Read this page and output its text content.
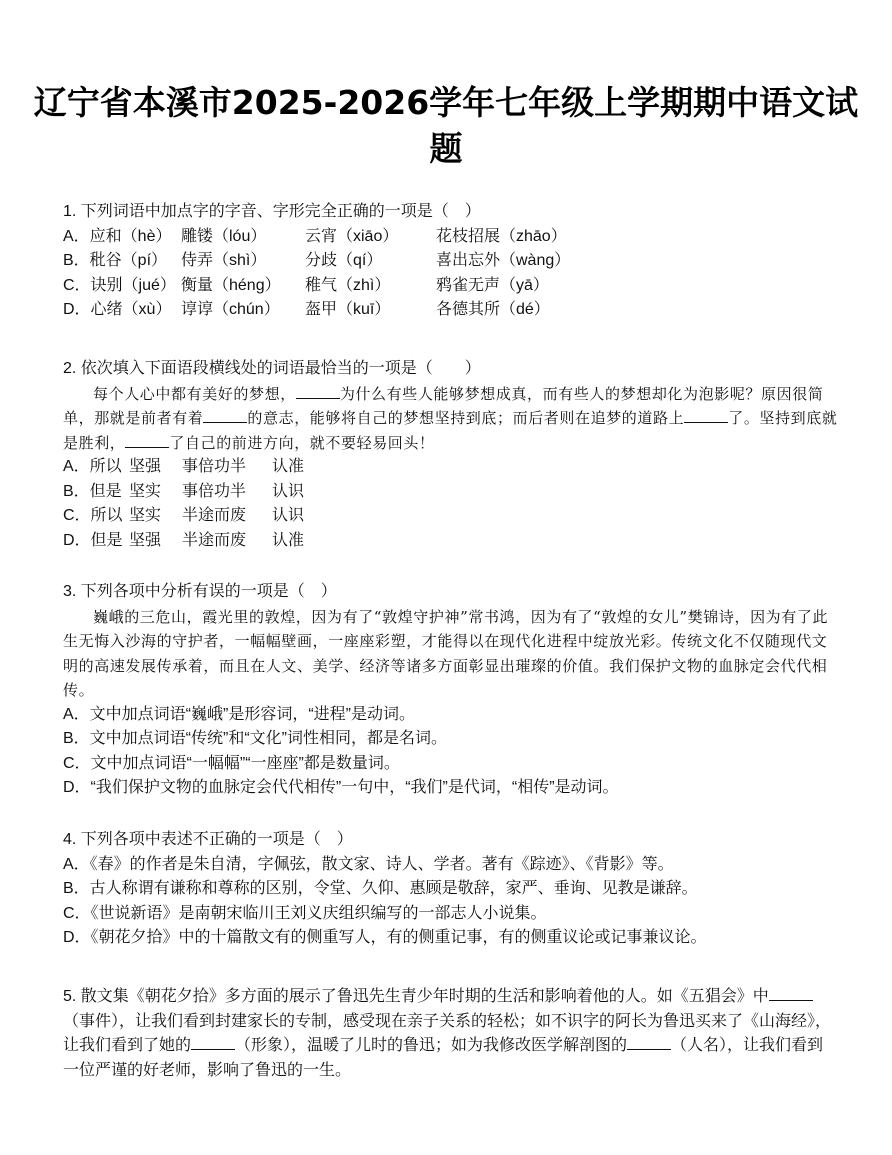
辽宁省本溪市2025-2026学年七年级上学期期中语文试题
1. 下列词语中加点字的字音、字形完全正确的一项是（　）
A．应和（hè） 雕镂（lóu） 云宵（xiāo） 花枝招展（zhāo）
B．秕谷（pí） 侍弄（shì） 分歧（qí）	喜出忘外（wàng）
C．诀别（jué） 衡量（héng） 稚气（zhì）	鸦雀无声（yā）
D．心绪（xù） 谆谆（chún） 盔甲（kuī）	各德其所（dé）
2. 依次填入下面语段横线处的词语最恰当的一项是（　　）
每个人心中都有美好的梦想，	为什么有些人能够梦想成真，而有些人的梦想却化为泡影呢？原因很简单，那就是前者有着	的意志，能够将自己的梦想坚持到底；而后者则在追梦的道路上	了。坚持到底就是胜利，	了自己的前进方向，就不要轻易回头！
A．所以  坚强 事倍功半 认准
B．但是  坚实 事倍功半 认识
C．所以  坚实 半途而废 认识
D．但是  坚强 半途而废 认准
3. 下列各项中分析有误的一项是（　）
巍峨的三危山，霞光里的敦煌，因为有了“敦煌守护神”常书鸿，因为有了“敦煌的女儿”樊锦诗，因为有了此生无悔入沙海的守护者，一幅幅壁画，一座座彩塑，才能得以在现代化进程中绽放光彩。传统文化不仅随现代文明的高速发展传承着，而且在人文、美学、经济等诸多方面彰显出璀璨的价值。我们保护文物的血脉定会代代相传。
A．文中加点词语“巍峨”是形容词，“进程”是动词。
B．文中加点词语“传统”和“文化”词性相同，都是名词。
C．文中加点词语“一幅幅”“一座座”都是数量词。
D．“我们保护文物的血脉定会代代相传”一句中，“我们”是代词，“相传”是动词。
4. 下列各项中表述不正确的一项是（　）
A．《春》的作者是朱自清，字佩弦，散文家、诗人、学者。著有《踪迹》、《背影》等。
B．古人称谓有谦称和尊称的区别，令堂、久仰、惠顾是敬辞，家严、垂询、见教是谦辞。
C．《世说新语》是南朝宋临川王刘义庆组织编写的一部志人小说集。
D．《朝花夕拾》中的十篇散文有的侧重写人，有的侧重记事，有的侧重议论或记事兼议论。
5. 散文集《朝花夕拾》多方面的展示了鲁迅先生青少年时期的生活和影响着他的人。如《五猖会》中（事件），让我们看到封建家长的专制，感受现在亲子关系的轻松；如不识字的阿长为鲁迅买来了《山海经》，让我们看到了她的	（形象），温暖了儿时的鲁迅；如为我修改医学解剖图的	（人名），让我们看到一位严谨的好老师，影响了鲁迅的一生。
